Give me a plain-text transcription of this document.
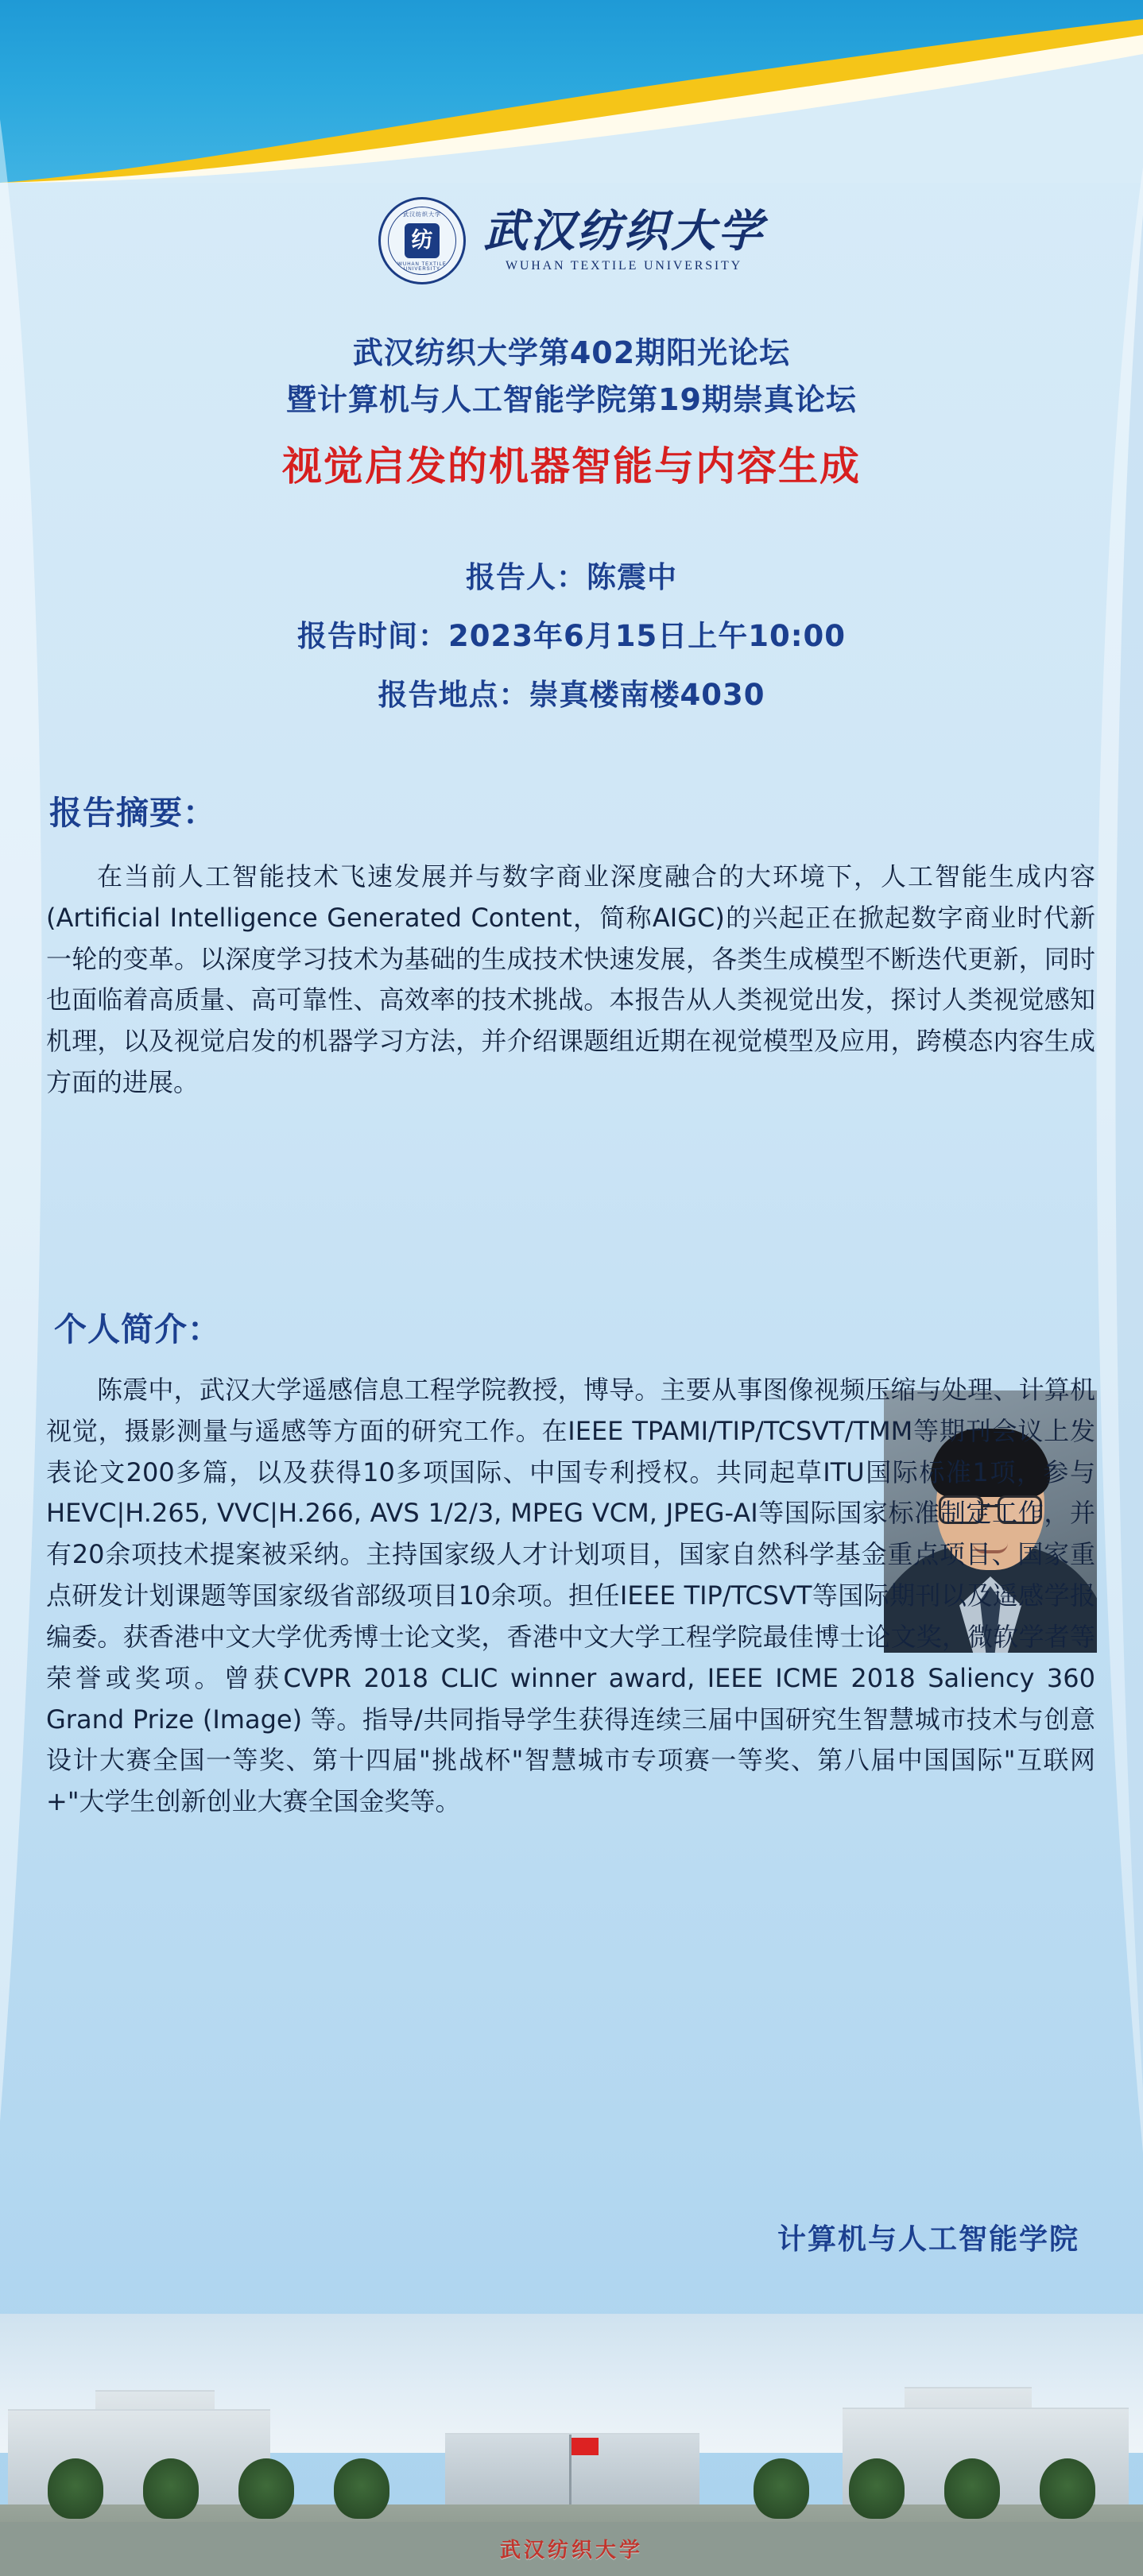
武汉纺织大学
纺
WUHAN TEXTILE UNIVERSITY
武汉纺织大学
WUHAN TEXTILE UNIVERSITY
武汉纺织大学第402期阳光论坛
暨计算机与人工智能学院第19期崇真论坛
视觉启发的机器智能与内容生成
报告人：陈震中
报告时间：2023年6月15日上午10:00
报告地点：崇真楼南楼4030
报告摘要：
在当前人工智能技术飞速发展并与数字商业深度融合的大环境下，人工智能生成内容(Artificial Intelligence Generated Content，简称AIGC)的兴起正在掀起数字商业时代新一轮的变革。以深度学习技术为基础的生成技术快速发展，各类生成模型不断迭代更新，同时也面临着高质量、高可靠性、高效率的技术挑战。本报告从人类视觉出发，探讨人类视觉感知机理，以及视觉启发的机器学习方法，并介绍课题组近期在视觉模型及应用，跨模态内容生成方面的进展。
个人简介：
陈震中，武汉大学遥感信息工程学院教授，博导。主要从事图像视频压缩与处理、计算机视觉，摄影测量与遥感等方面的研究工作。在IEEE TPAMI/TIP/TCSVT/TMM等期刊会议上发表论文200多篇，以及获得10多项国际、中国专利授权。共同起草ITU国际标准1项，参与HEVC|H.265, VVC|H.266, AVS 1/2/3, MPEG VCM, JPEG-AI等国际国家标准制定工作，并有20余项技术提案被采纳。主持国家级人才计划项目，国家自然科学基金重点项目、国家重点研发计划课题等国家级省部级项目10余项。担任IEEE TIP/TCSVT等国际期刊以及遥感学报编委。获香港中文大学优秀博士论文奖，香港中文大学工程学院最佳博士论文奖，微软学者等荣誉或奖项。曾获CVPR 2018 CLIC winner award, IEEE ICME 2018 Saliency 360 Grand Prize (Image) 等。指导/共同指导学生获得连续三届中国研究生智慧城市技术与创意设计大赛全国一等奖、第十四届"挑战杯"智慧城市专项赛一等奖、第八届中国国际"互联网+"大学生创新创业大赛全国金奖等。
计算机与人工智能学院
武汉纺织大学
